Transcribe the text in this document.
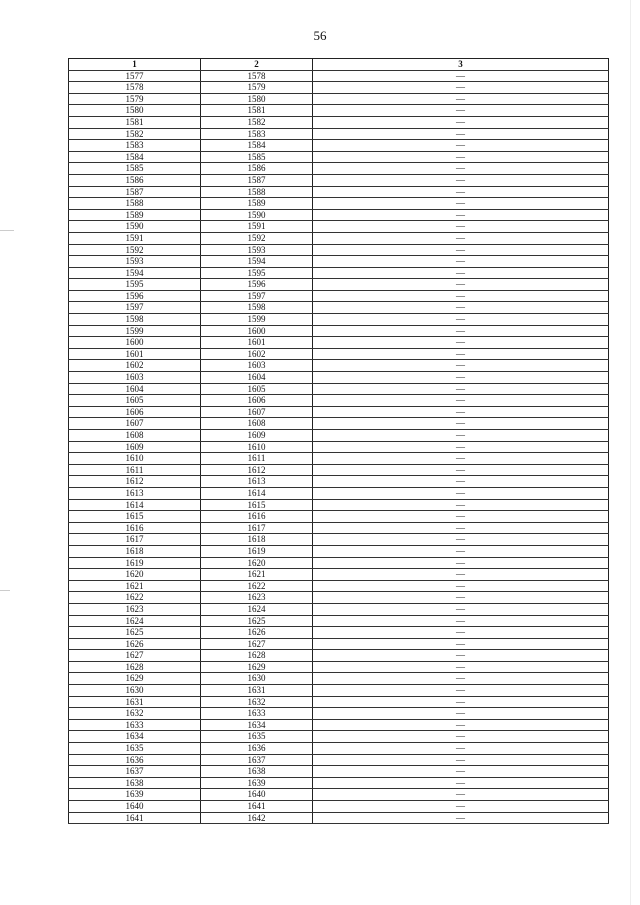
56
1	2	3
1577	1578	—
1578	1579	—
1579	1580	—
1580	1581	—
1581	1582	—
1582	1583	—
1583	1584	—
1584	1585	—
1585	1586	—
1586	1587	—
1587	1588	—
1588	1589	—
1589	1590	—
1590	1591	—
1591	1592	—
1592	1593	—
1593	1594	—
1594	1595	—
1595	1596	—
1596	1597	—
1597	1598	—
1598	1599	—
1599	1600	—
1600	1601	—
1601	1602	—
1602	1603	—
1603	1604	—
1604	1605	—
1605	1606	—
1606	1607	—
1607	1608	—
1608	1609	—
1609	1610	—
1610	1611	—
1611	1612	—
1612	1613	—
1613	1614	—
1614	1615	—
1615	1616	—
1616	1617	—
1617	1618	—
1618	1619	—
1619	1620	—
1620	1621	—
1621	1622	—
1622	1623	—
1623	1624	—
1624	1625	—
1625	1626	—
1626	1627	—
1627	1628	—
1628	1629	—
1629	1630	—
1630	1631	—
1631	1632	—
1632	1633	—
1633	1634	—
1634	1635	—
1635	1636	—
1636	1637	—
1637	1638	—
1638	1639	—
1639	1640	—
1640	1641	—
1641	1642	—
